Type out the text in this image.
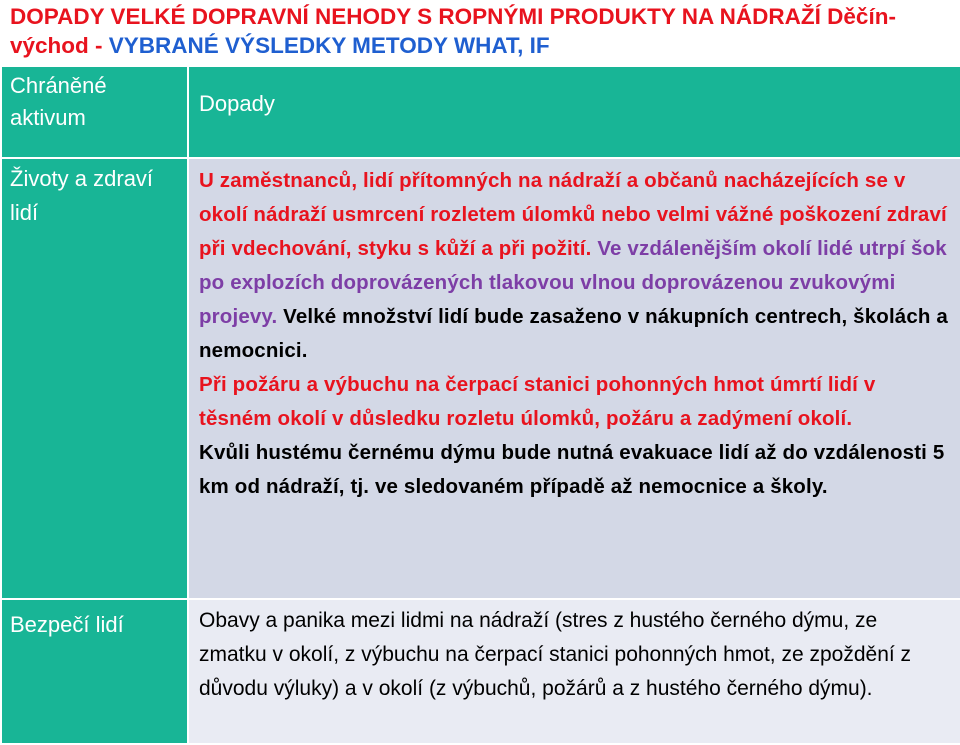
DOPADY VELKÉ DOPRAVNÍ NEHODY S ROPNÝMI PRODUKTY NA NÁDRAŽÍ Děčín-východ - VYBRANÉ VÝSLEDKY METODY WHAT, IF
Chráněné aktivum	Dopady
Životy a zdraví lidí	U zaměstnanců, lidí přítomných na nádraží a občanů nacházejících se v okolí nádraží usmrcení rozletem úlomků nebo velmi vážné poškození zdraví při vdechování, styku s kůží a při požití. Ve vzdálenějším okolí lidé utrpí šok po explozích doprovázených tlakovou vlnou doprovázenou zvukovými projevy. Velké množství lidí bude zasaženo v nákupních centrech, školách a nemocnici.
Při požáru a výbuchu na čerpací stanici pohonných hmot úmrtí lidí v těsném okolí v důsledku rozletu úlomků, požáru a zadýmení okolí.
Kvůli hustému černému dýmu bude nutná evakuace lidí až do vzdálenosti 5 km od nádraží, tj. ve sledovaném případě až nemocnice a školy.

Bezpečí lidí	Obavy a panika mezi lidmi na nádraží (stres z hustého černého dýmu, ze zmatku v okolí, z výbuchu na čerpací stanici pohonných hmot, ze zpoždění z důvodu výluky) a v okolí (z výbuchů, požárů a z hustého černého dýmu).
